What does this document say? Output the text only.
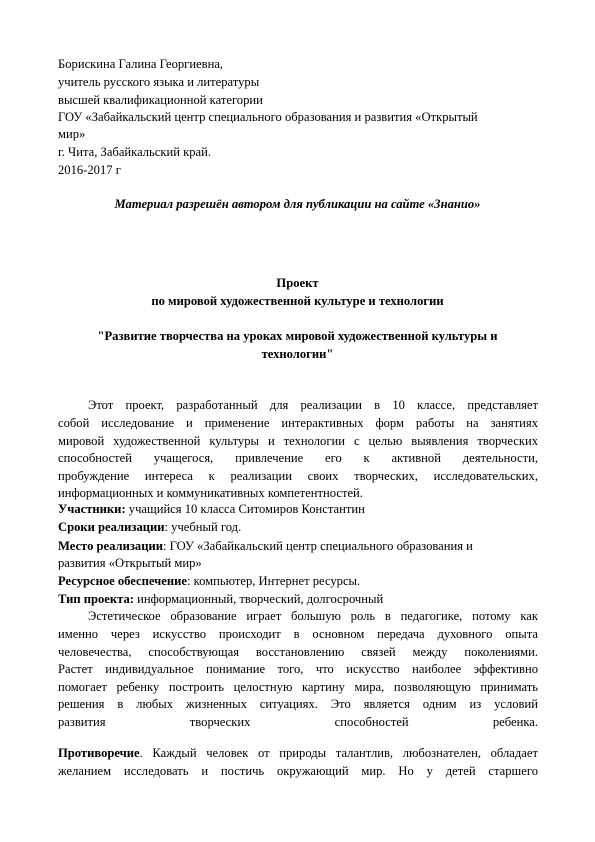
Борискина Галина Георгиевна,
учитель русского языка и литературы
высшей квалификационной категории
ГОУ «Забайкальский центр специального образования и развития «Открытый
мир»
г. Чита, Забайкальский край.
2016-2017 г
Материал разрешён автором для публикации на сайте «Знанио»
Проект
по мировой художественной культуре и технологии
"Развитие творчества на уроках мировой художественной культуры и
технологии"
Этот проект, разработанный для реализации в 10 классе, представляет
собой исследование и применение интерактивных форм работы на занятиях
мировой художественной культуры и технологии с целью выявления творческих
способностей учащегося, привлечение его к активной деятельности,
пробуждение интереса к реализации своих творческих, исследовательских,
информационных и коммуникативных компетентностей.
Участники: учащийся 10 класса Ситомиров Константин
Сроки реализации: учебный год.
Место реализации: ГОУ «Забайкальский центр специального образования и
развития «Открытый мир»
Ресурсное обеспечение: компьютер, Интернет ресурсы.
Тип проекта: информационный, творческий, долгосрочный
Эстетическое образование играет большую роль в педагогике, потому как
именно через искусство происходит в основном передача духовного опыта
человечества, способствующая восстановлению связей между поколениями.
Растет индивидуальное понимание того, что искусство наиболее эффективно
помогает ребенку построить целостную картину мира, позволяющую принимать
решения в любых жизненных ситуациях. Это является одним из условий
развития творческих способностей ребенка.
Противоречие. Каждый человек от природы талантлив, любознателен, обладает
желанием исследовать и постичь окружающий мир. Но у детей старшего
